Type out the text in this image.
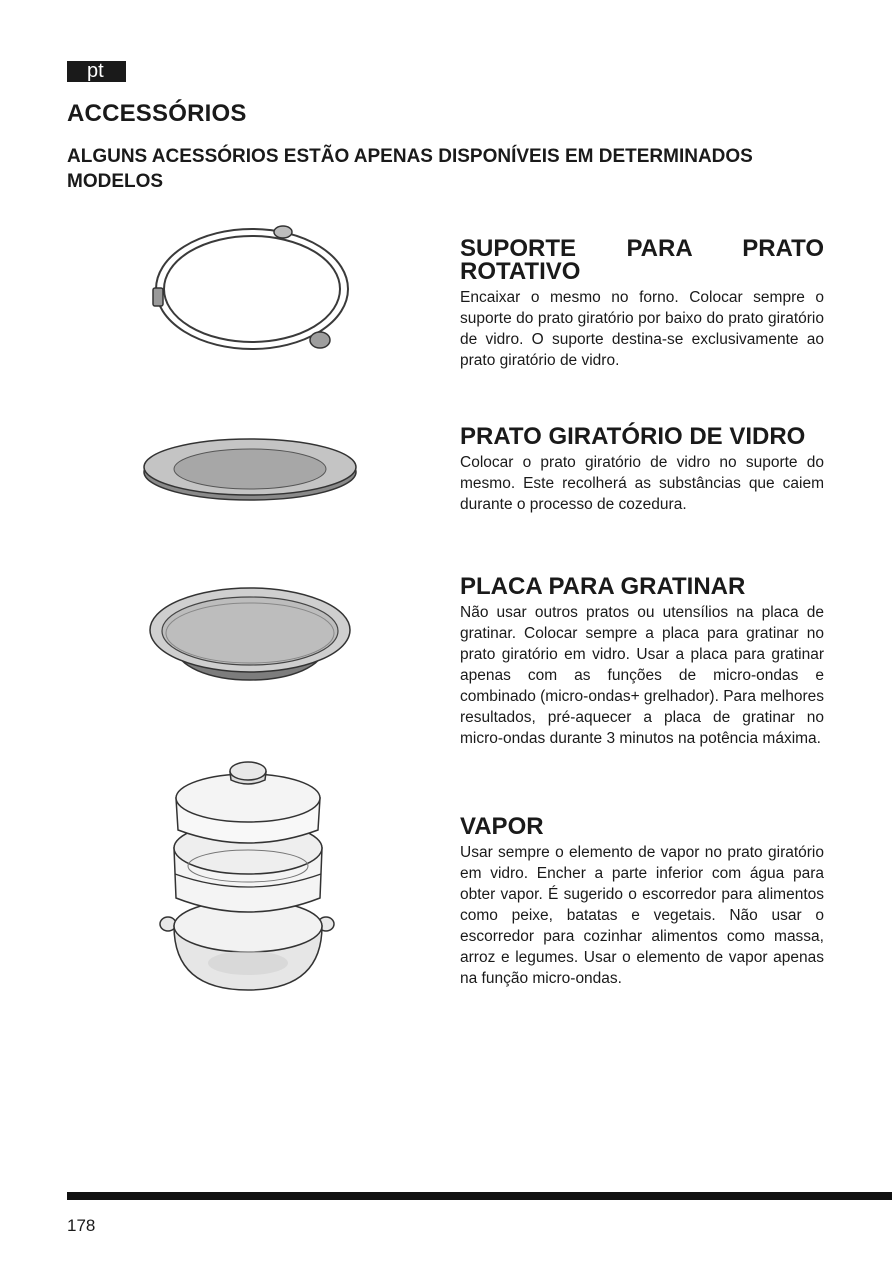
pt
ACCESSÓRIOS

ALGUNS ACESSÓRIOS ESTÃO APENAS DISPONÍVEIS EM DETERMINADOS MODELOS

SUPORTE PARA PRATO ROTATIVO

Encaixar o mesmo no forno. Colocar sempre o suporte do prato giratório por baixo do prato giratório de vidro. O suporte destina-se exclusivamente ao prato giratório de vidro.

PRATO GIRATÓRIO DE VIDRO

Colocar o prato giratório de vidro no suporte do mesmo. Este recolherá as substâncias que caiem durante o processo de cozedura.

PLACA PARA GRATINAR

Não usar outros pratos ou utensílios na placa de gratinar. Colocar sempre a placa para gratinar no prato giratório em vidro. Usar a placa para gratinar apenas com as funções de micro-ondas e combinado (micro-ondas+ grelhador). Para melhores resultados, pré-aquecer a placa de gratinar no micro-ondas durante 3 minutos na potência máxima.

VAPOR

Usar sempre o elemento de vapor no prato giratório em vidro. Encher a parte inferior com água para obter vapor. É sugerido o escorredor para alimentos como peixe, batatas e vegetais. Não usar o escorredor para cozinhar alimentos como massa, arroz e legumes. Usar o elemento de vapor apenas na função micro-ondas.

178
